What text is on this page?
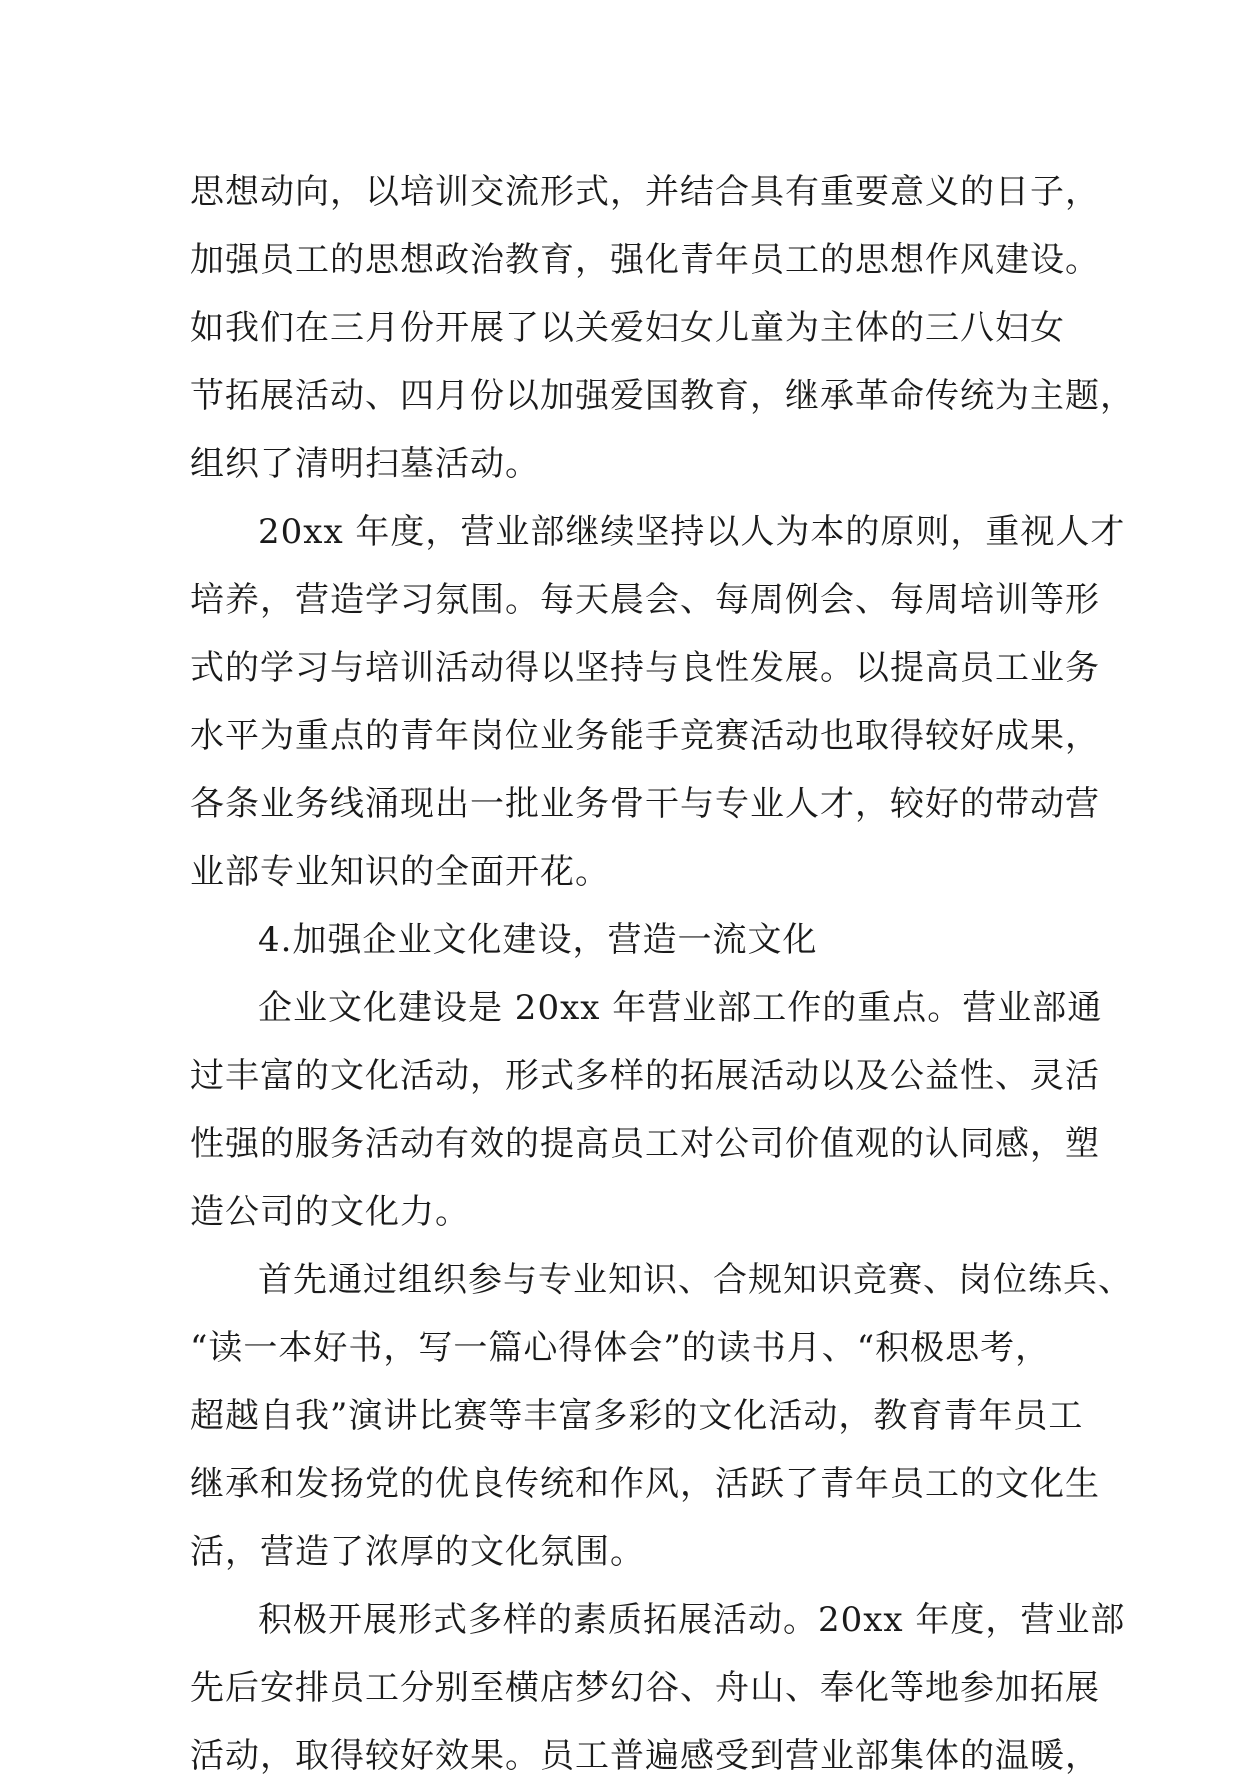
思想动向，以培训交流形式，并结合具有重要意义的日子，
加强员工的思想政治教育，强化青年员工的思想作风建设。
如我们在三月份开展了以关爱妇女儿童为主体的三八妇女
节拓展活动、四月份以加强爱国教育，继承革命传统为主题，
组织了清明扫墓活动。
20xx 年度，营业部继续坚持以人为本的原则，重视人才
培养，营造学习氛围。每天晨会、每周例会、每周培训等形
式的学习与培训活动得以坚持与良性发展。以提高员工业务
水平为重点的青年岗位业务能手竞赛活动也取得较好成果，
各条业务线涌现出一批业务骨干与专业人才，较好的带动营
业部专业知识的全面开花。
4.加强企业文化建设，营造一流文化
企业文化建设是 20xx 年营业部工作的重点。营业部通
过丰富的文化活动，形式多样的拓展活动以及公益性、灵活
性强的服务活动有效的提高员工对公司价值观的认同感，塑
造公司的文化力。
首先通过组织参与专业知识、合规知识竞赛、岗位练兵、
“读一本好书，写一篇心得体会”的读书月、“积极思考，
超越自我”演讲比赛等丰富多彩的文化活动，教育青年员工
继承和发扬党的优良传统和作风，活跃了青年员工的文化生
活，营造了浓厚的文化氛围。
积极开展形式多样的素质拓展活动。20xx 年度，营业部
先后安排员工分别至横店梦幻谷、舟山、奉化等地参加拓展
活动，取得较好效果。员工普遍感受到营业部集体的温暖，
